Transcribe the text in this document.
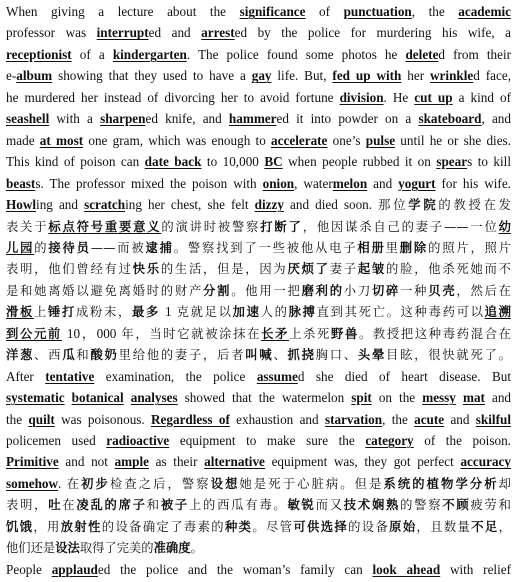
When giving a lecture about the significance of punctuation, the academic
professor was interrupted and arrested by the police for murdering his wife, a
receptionist of a kindergarten. The police found some photos he deleted from their
e-album showing that they used to have a gay life. But, fed up with her wrinkled face,
he murdered her instead of divorcing her to avoid fortune division. He cut up a kind of
seashell with a sharpened knife, and hammered it into powder on a skateboard, and
made at most one gram, which was enough to accelerate one’s pulse until he or she dies.
This kind of poison can date back to 10,000 BC when people rubbed it on spears to kill
beasts. The professor mixed the poison with onion, watermelon and yogurt for his wife.
Howling and scratching her chest, she felt dizzy and died soon. 那位学院的教授在发
表关于标点符号重要意义的演讲时被警察打断了，他因谋杀自己的妻子——一位幼
儿园的接待员——而被逮捕。警察找到了一些被他从电子相册里删除的照片，照片
表明，他们曾经有过快乐的生活，但是，因为厌烦了妻子起皱的脸，他杀死她而不
是和她离婚以避免离婚时的财产分割。他用一把磨利的小刀切碎一种贝壳，然后在
滑板上锤打成粉末，最多 1 克就足以加速人的脉搏直到其死亡。这种毒药可以追溯
到公元前 10，000 年，当时它就被涂抹在长矛上杀死野兽。教授把这种毒药混合在
洋葱、西瓜和酸奶里给他的妻子，后者叫喊、抓挠胸口、头晕目眩，很快就死了。
After tentative examination, the police assumed she died of heart disease. But
systematic botanical analyses showed that the watermelon spit on the messy mat and
the quilt was poisonous. Regardless of exhaustion and starvation, the acute and skilful
policemen used radioactive equipment to make sure the category of the poison.
Primitive and not ample as their alternative equipment was, they got perfect accuracy
somehow. 在初步检查之后，警察设想她是死于心脏病。但是系统的植物学分析却
表明，吐在凌乱的席子和被子上的西瓜有毒。敏锐而又技术娴熟的警察不顾疲劳和
饥饿，用放射性的设备确定了毒素的种类。尽管可供选择的设备原始，且数量不足，
他们还是设法取得了完美的准确度。
People applauded the police and the woman’s family can look ahead with relief
